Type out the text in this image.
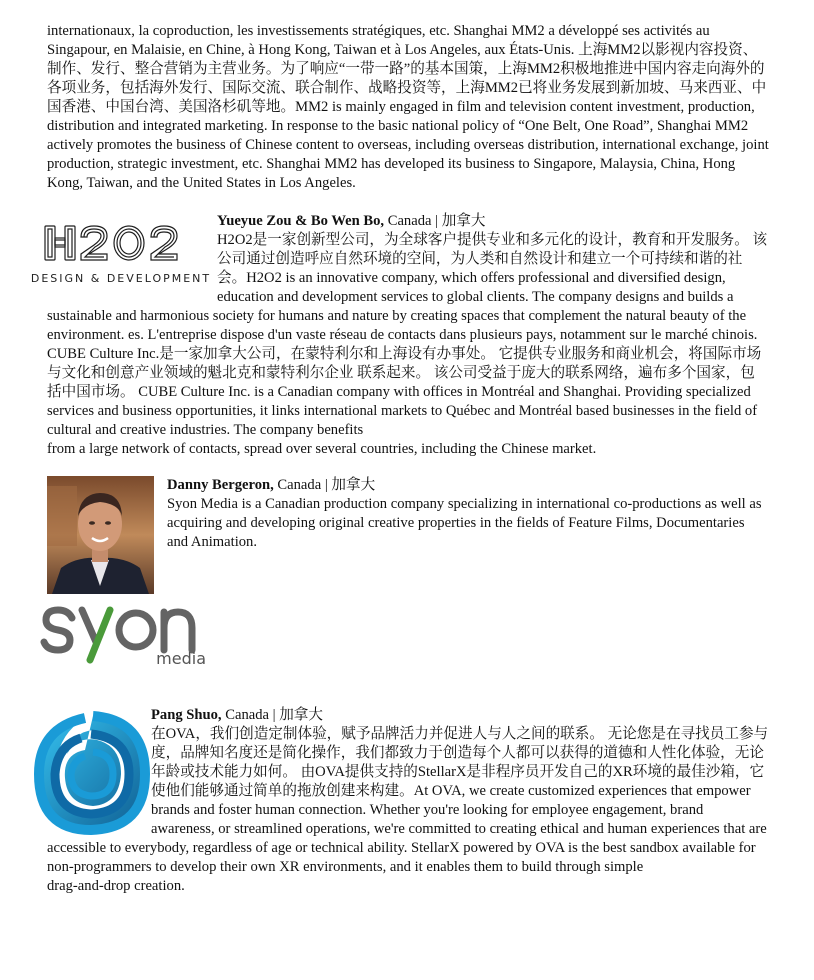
internationaux, la coproduction, les investissements stratégiques, etc. Shanghai MM2 a développé ses activités au Singapour, en Malaisie, en Chine, à Hong Kong, Taiwan et à Los Angeles, aux États-Unis. 上海MM2以影视内容投资、制作、发行、整合营销为主营业务。为了响应“一带一路”的基本国策，上海MM2积极地推进中国内容走向海外的各项业务，包括海外发行、国际交流、联合制作、战略投资等，上海MM2已将业务发展到新加坡、马来西亚、中国香港、中国台湾、美国洛杉矶等地。MM2 is mainly engaged in film and television content investment, production, distribution and integrated marketing. In response to the basic national policy of “One Belt, One Road”, Shanghai MM2 actively promotes the business of Chinese content to overseas, including overseas distribution, international exchange, joint production, strategic investment, etc. Shanghai MM2 has developed its business to Singapore, Malaysia, China, Hong Kong, Taiwan, and the United States in Los Angeles.

DESIGN & DEVELOPMENT

Yueyue Zou & Bo Wen Bo, Canada | 加拿大
H2O2是一家创新型公司，为全球客户提供专业和多元化的设计，教育和开发服务。 该公司通过创造呼应自然环境的空间，为人类和自然设计和建立一个可持续和谐的社会。H2O2 is an innovative company, which offers professional and diversified design, education and development services to global clients. The company designs and builds a sustainable and harmonious society for humans and nature by creating spaces that complement the natural beauty of the environment. es. L'entreprise dispose d'un vaste réseau de contacts dans plusieurs pays, notamment sur le marché chinois. CUBE Culture Inc.是一家加拿大公司，在蒙特利尔和上海设有办事处。 它提供专业服务和商业机会，将国际市场与文化和创意产业领域的魁北克和蒙特利尔企业 联系起来。 该公司受益于庞大的联系网络，遍布多个国家，包括中国市场。 CUBE Culture Inc. is a Canadian company with offices in Montréal and Shanghai. Providing specialized services and business opportunities, it links international markets to Québec and Montréal based businesses in the field of cultural and creative industries. The company benefits
from a large network of contacts, spread over several countries, including the Chinese market.

media

Danny Bergeron, Canada | 加拿大
Syon Media is a Canadian production company specializing in international co-productions as well as acquiring and developing original creative properties in the fields of Feature Films, Documentaries and Animation.

Pang Shuo, Canada | 加拿大
在OVA，我们创造定制体验，赋予品牌活力并促进人与人之间的联系。 无论您是在寻找员工参与度，品牌知名度还是简化操作，我们都致力于创造每个人都可以获得的道德和人性化体验，无论年龄或技术能力如何。 由OVA提供支持的StellarX是非程序员开发自己的XR环境的最佳沙箱，它使他们能够通过简单的拖放创建来构建。At OVA, we create customized experiences that empower brands and foster human connection. Whether you're looking for employee engagement, brand awareness, or streamlined operations, we're committed to creating ethical and human experiences that are accessible to everybody, regardless of age or technical ability. StellarX powered by OVA is the best sandbox available for
non-programmers to develop their own XR environments, and it enables them to build through simple
drag-and-drop creation.
